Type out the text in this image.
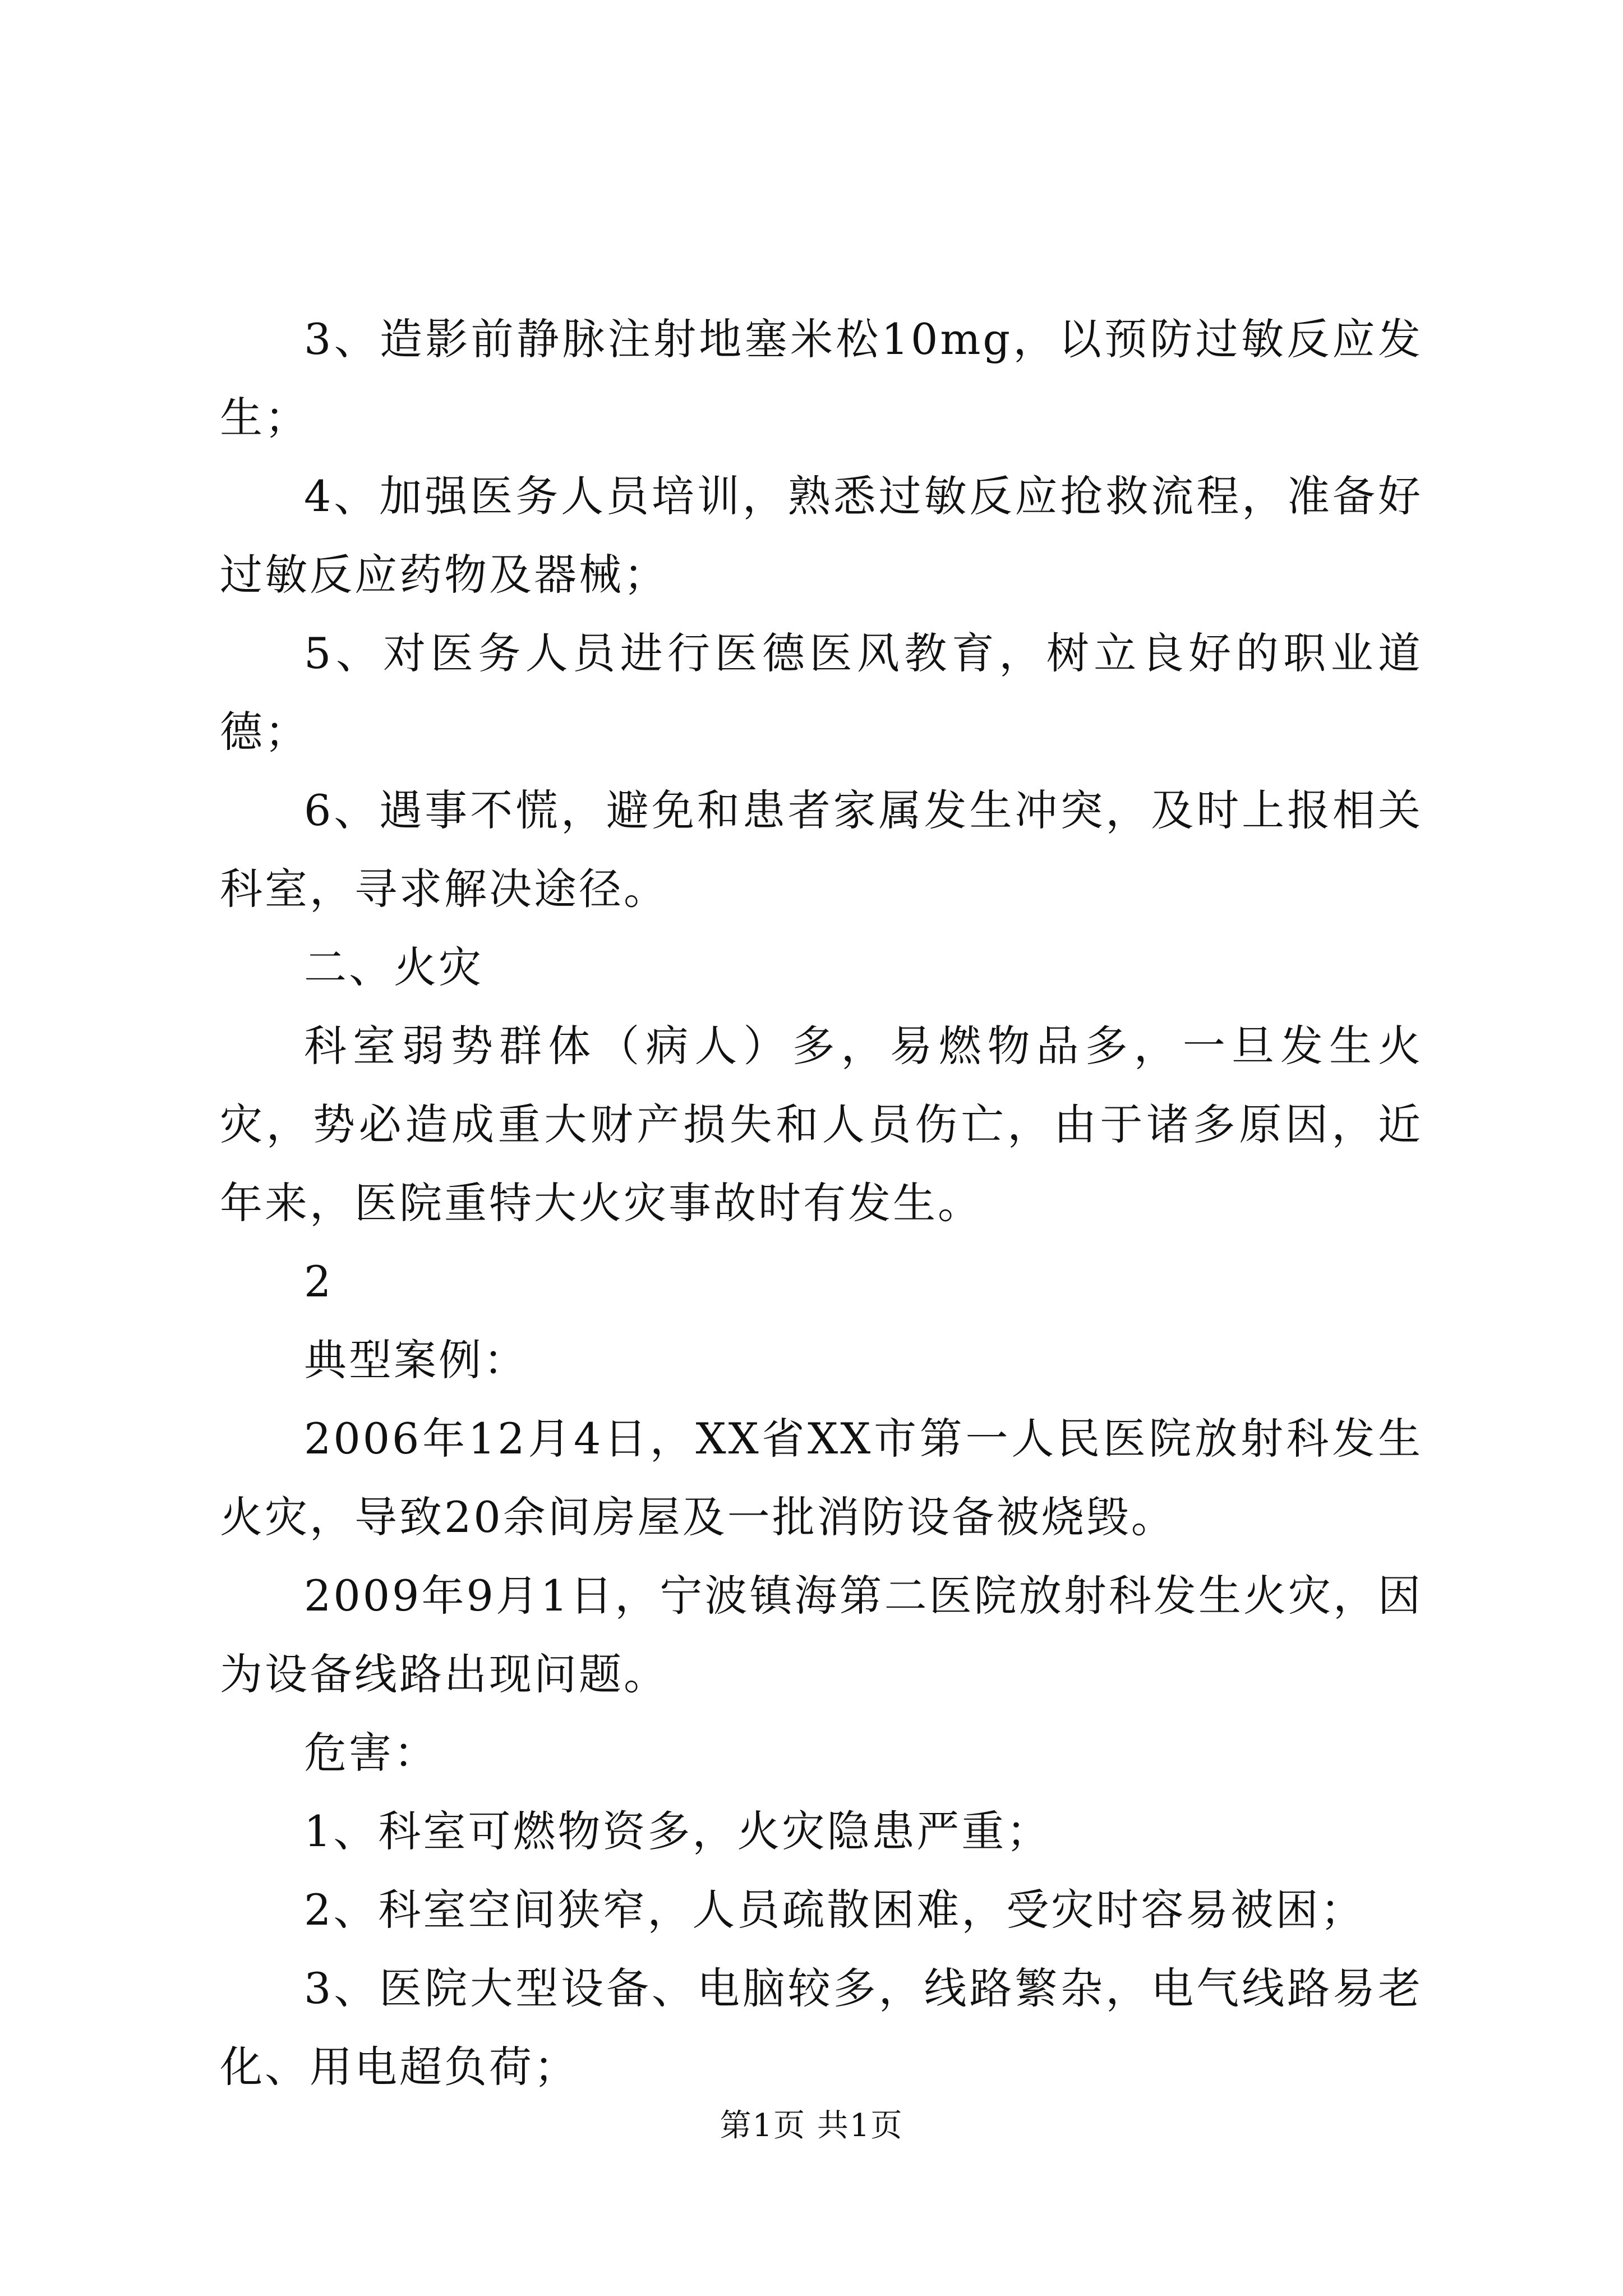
3、造影前静脉注射地塞米松10mg，以预防过敏反应发生；

4、加强医务人员培训，熟悉过敏反应抢救流程，准备好过敏反应药物及器械；

5、对医务人员进行医德医风教育，树立良好的职业道德；

6、遇事不慌，避免和患者家属发生冲突，及时上报相关科室，寻求解决途径。

二、火灾

科室弱势群体（病人）多，易燃物品多，一旦发生火灾，势必造成重大财产损失和人员伤亡，由于诸多原因，近年来，医院重特大火灾事故时有发生。

2

典型案例：

2006年12月4日，XX省XX市第一人民医院放射科发生火灾，导致20余间房屋及一批消防设备被烧毁。

2009年9月1日，宁波镇海第二医院放射科发生火灾，因为设备线路出现问题。

危害：

1、科室可燃物资多，火灾隐患严重；

2、科室空间狭窄，人员疏散困难，受灾时容易被困；

3、医院大型设备、电脑较多，线路繁杂，电气线路易老化、用电超负荷；

第1页 共1页
